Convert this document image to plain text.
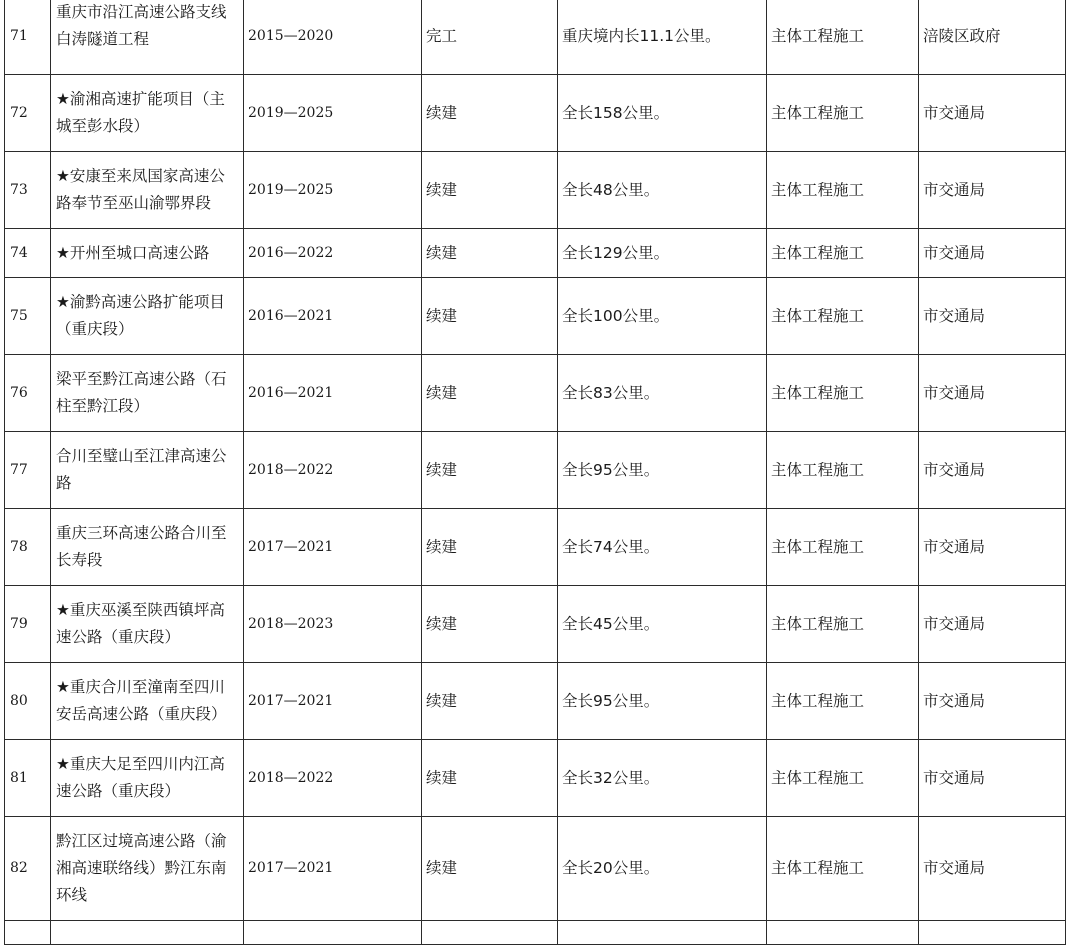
71	重庆市沿江高速公路支线白涛隧道工程	2015—2020	完工	重庆境内长11.1公里。	主体工程施工	涪陵区政府
72	★渝湘高速扩能项目（主城至彭水段）	2019—2025	续建	全长158公里。	主体工程施工	市交通局
73	★安康至来凤国家高速公路奉节至巫山渝鄂界段	2019—2025	续建	全长48公里。	主体工程施工	市交通局
74	★开州至城口高速公路	2016—2022	续建	全长129公里。	主体工程施工	市交通局
75	★渝黔高速公路扩能项目（重庆段）	2016—2021	续建	全长100公里。	主体工程施工	市交通局
76	梁平至黔江高速公路（石柱至黔江段）	2016—2021	续建	全长83公里。	主体工程施工	市交通局
77	合川至璧山至江津高速公路	2018—2022	续建	全长95公里。	主体工程施工	市交通局
78	重庆三环高速公路合川至长寿段	2017—2021	续建	全长74公里。	主体工程施工	市交通局
79	★重庆巫溪至陕西镇坪高速公路（重庆段）	2018—2023	续建	全长45公里。	主体工程施工	市交通局
80	★重庆合川至潼南至四川安岳高速公路（重庆段）	2017—2021	续建	全长95公里。	主体工程施工	市交通局
81	★重庆大足至四川内江高速公路（重庆段）	2018—2022	续建	全长32公里。	主体工程施工	市交通局
82	黔江区过境高速公路（渝湘高速联络线）黔江东南环线	2017—2021	续建	全长20公里。	主体工程施工	市交通局
